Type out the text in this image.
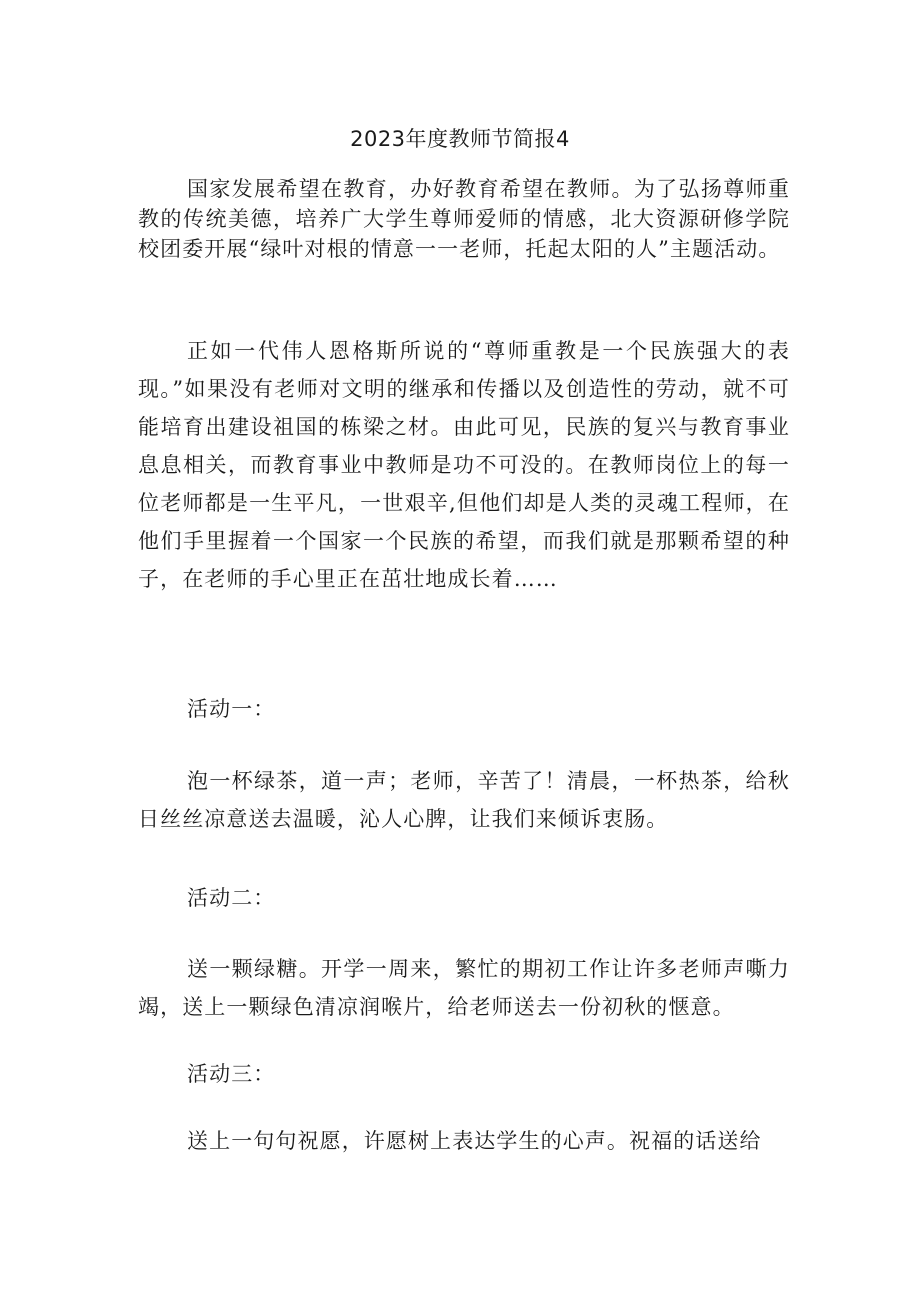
2023年度教师节简报4

国家发展希望在教育，办好教育希望在教师。为了弘扬尊师重教的传统美德，培养广大学生尊师爱师的情感，北大资源研修学院校团委开展“绿叶对根的情意一一老师，托起太阳的人”主题活动。

正如一代伟人恩格斯所说的“尊师重教是一个民族强大的表现。”如果没有老师对文明的继承和传播以及创造性的劳动，就不可能培育出建设祖国的栋梁之材。由此可见，民族的复兴与教育事业息息相关，而教育事业中教师是功不可没的。在教师岗位上的每一位老师都是一生平凡，一世艰辛,但他们却是人类的灵魂工程师，在他们手里握着一个国家一个民族的希望，而我们就是那颗希望的种子，在老师的手心里正在茁壮地成长着……

活动一：

泡一杯绿茶，道一声；老师，辛苦了！清晨，一杯热茶，给秋日丝丝凉意送去温暖，沁人心脾，让我们来倾诉衷肠。

活动二：

送一颗绿糖。开学一周来，繁忙的期初工作让许多老师声嘶力竭，送上一颗绿色清凉润喉片，给老师送去一份初秋的惬意。

活动三：

送上一句句祝愿，许愿树上表达学生的心声。祝福的话送给
